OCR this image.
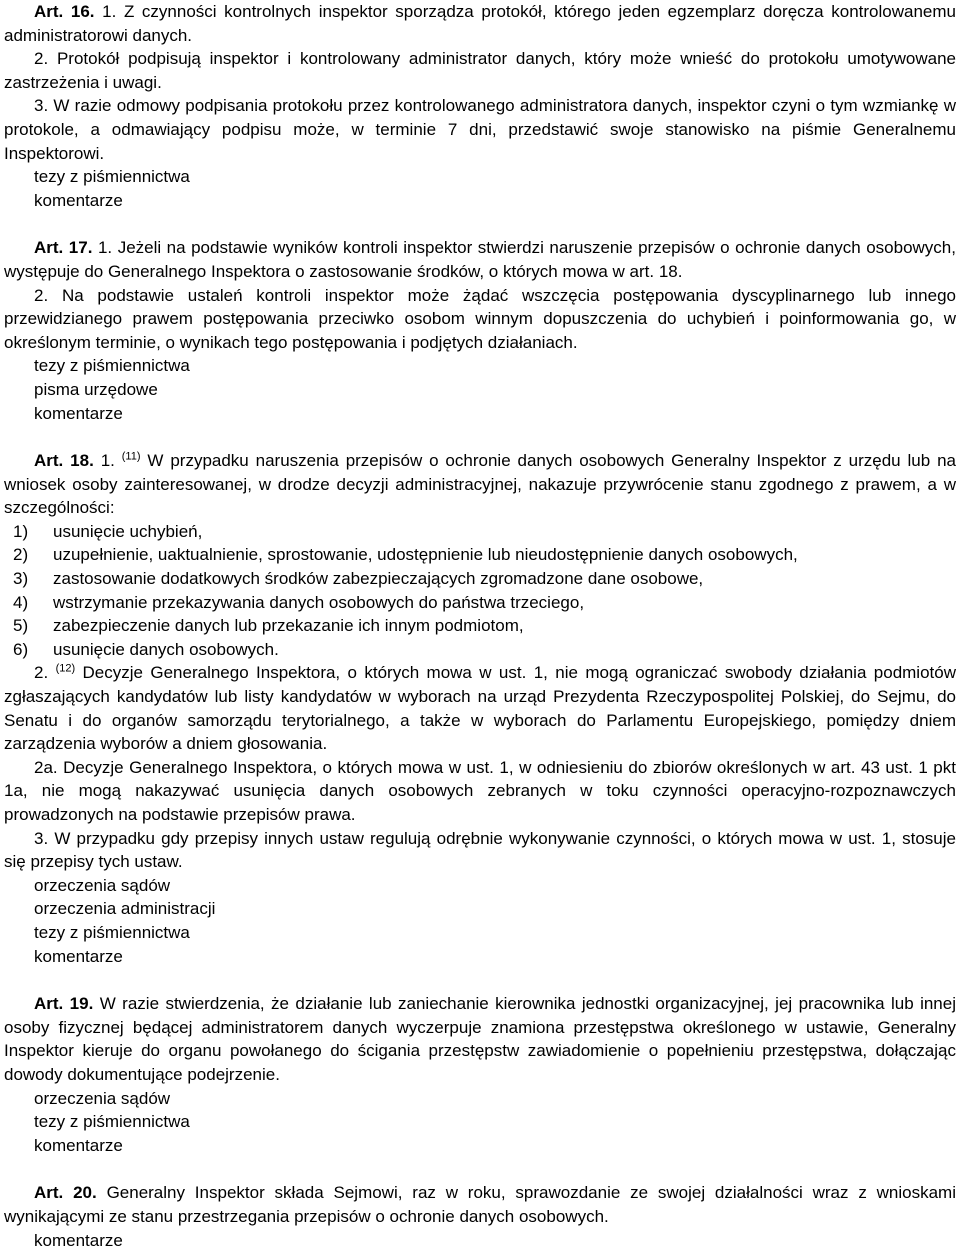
Art. 16. 1. Z czynności kontrolnych inspektor sporządza protokół, którego jeden egzemplarz doręcza kontrolowanemu administratorowi danych.

2. Protokół podpisują inspektor i kontrolowany administrator danych, który może wnieść do protokołu umotywowane zastrzeżenia i uwagi.

3. W razie odmowy podpisania protokołu przez kontrolowanego administratora danych, inspektor czyni o tym wzmiankę w protokole, a odmawiający podpisu może, w terminie 7 dni, przedstawić swoje stanowisko na piśmie Generalnemu Inspektorowi.

tezy z piśmiennictwa
komentarze

Art. 17. 1. Jeżeli na podstawie wyników kontroli inspektor stwierdzi naruszenie przepisów o ochronie danych osobowych, występuje do Generalnego Inspektora o zastosowanie środków, o których mowa w art. 18.

2. Na podstawie ustaleń kontroli inspektor może żądać wszczęcia postępowania dyscyplinarnego lub innego przewidzianego prawem postępowania przeciwko osobom winnym dopuszczenia do uchybień i poinformowania go, w określonym terminie, o wynikach tego postępowania i podjętych działaniach.

tezy z piśmiennictwa
pisma urzędowe
komentarze

Art. 18. 1. $^{(11)}$ W przypadku naruszenia przepisów o ochronie danych osobowych Generalny Inspektor z urzędu lub na wniosek osoby zainteresowanej, w drodze decyzji administracyjnej, nakazuje przywrócenie stanu zgodnego z prawem, a w szczególności:

1) usunięcie uchybień,
2) uzupełnienie, uaktualnienie, sprostowanie, udostępnienie lub nieudostępnienie danych osobowych,
3) zastosowanie dodatkowych środków zabezpieczających zgromadzone dane osobowe,
4) wstrzymanie przekazywania danych osobowych do państwa trzeciego,
5) zabezpieczenie danych lub przekazanie ich innym podmiotom,
6) usunięcie danych osobowych.

2. $^{(12)}$ Decyzje Generalnego Inspektora, o których mowa w ust. 1, nie mogą ograniczać swobody działania podmiotów zgłaszających kandydatów lub listy kandydatów w wyborach na urząd Prezydenta Rzeczypospolitej Polskiej, do Sejmu, do Senatu i do organów samorządu terytorialnego, a także w wyborach do Parlamentu Europejskiego, pomiędzy dniem zarządzenia wyborów a dniem głosowania.

2a. Decyzje Generalnego Inspektora, o których mowa w ust. 1, w odniesieniu do zbiorów określonych w art. 43 ust. 1 pkt 1a, nie mogą nakazywać usunięcia danych osobowych zebranych w toku czynności operacyjno-rozpoznawczych prowadzonych na podstawie przepisów prawa.

3. W przypadku gdy przepisy innych ustaw regulują odrębnie wykonywanie czynności, o których mowa w ust. 1, stosuje się przepisy tych ustaw.

orzeczenia sądów
orzeczenia administracji
tezy z piśmiennictwa
komentarze

Art. 19. W razie stwierdzenia, że działanie lub zaniechanie kierownika jednostki organizacyjnej, jej pracownika lub innej osoby fizycznej będącej administratorem danych wyczerpuje znamiona przestępstwa określonego w ustawie, Generalny Inspektor kieruje do organu powołanego do ścigania przestępstw zawiadomienie o popełnieniu przestępstwa, dołączając dowody dokumentujące podejrzenie.

orzeczenia sądów
tezy z piśmiennictwa
komentarze

Art. 20. Generalny Inspektor składa Sejmowi, raz w roku, sprawozdanie ze swojej działalności wraz z wnioskami wynikającymi ze stanu przestrzegania przepisów o ochronie danych osobowych.

komentarze
